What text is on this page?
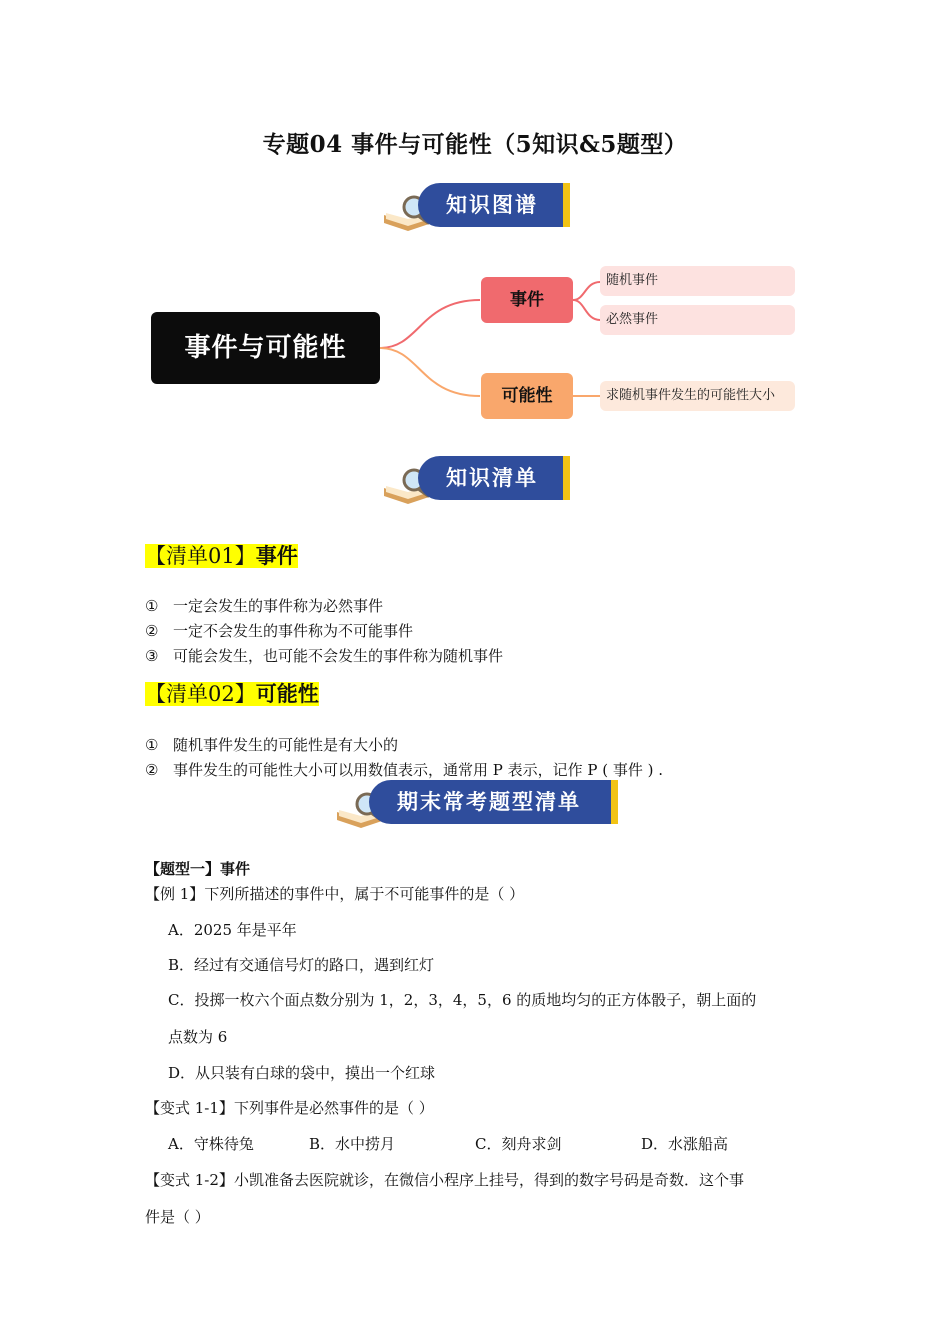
专题04 事件与可能性（5知识&5题型）
知识图谱
事件与可能性
事件
可能性
随机事件
必然事件
求随机事件发生的可能性大小
知识清单
【清单01】事件
① 一定会发生的事件称为必然事件
② 一定不会发生的事件称为不可能事件
③ 可能会发生，也可能不会发生的事件称为随机事件
【清单02】可能性
① 随机事件发生的可能性是有大小的
② 事件发生的可能性大小可以用数值表示，通常用 P 表示，记作 P ( 事件 ) .
期末常考题型清单
【题型一】事件
【例 1】下列所描述的事件中，属于不可能事件的是（ ）
A．2025 年是平年
B．经过有交通信号灯的路口，遇到红灯
C．投掷一枚六个面点数分别为 1，2，3，4，5，6 的质地均匀的正方体骰子，朝上面的
点数为 6
D．从只装有白球的袋中，摸出一个红球
【变式 1-1】下列事件是必然事件的是（ ）
A．守株待兔	B．水中捞月	C．刻舟求剑	D．水涨船高
【变式 1-2】小凯准备去医院就诊，在微信小程序上挂号，得到的数字号码是奇数．这个事
件是（ ）
